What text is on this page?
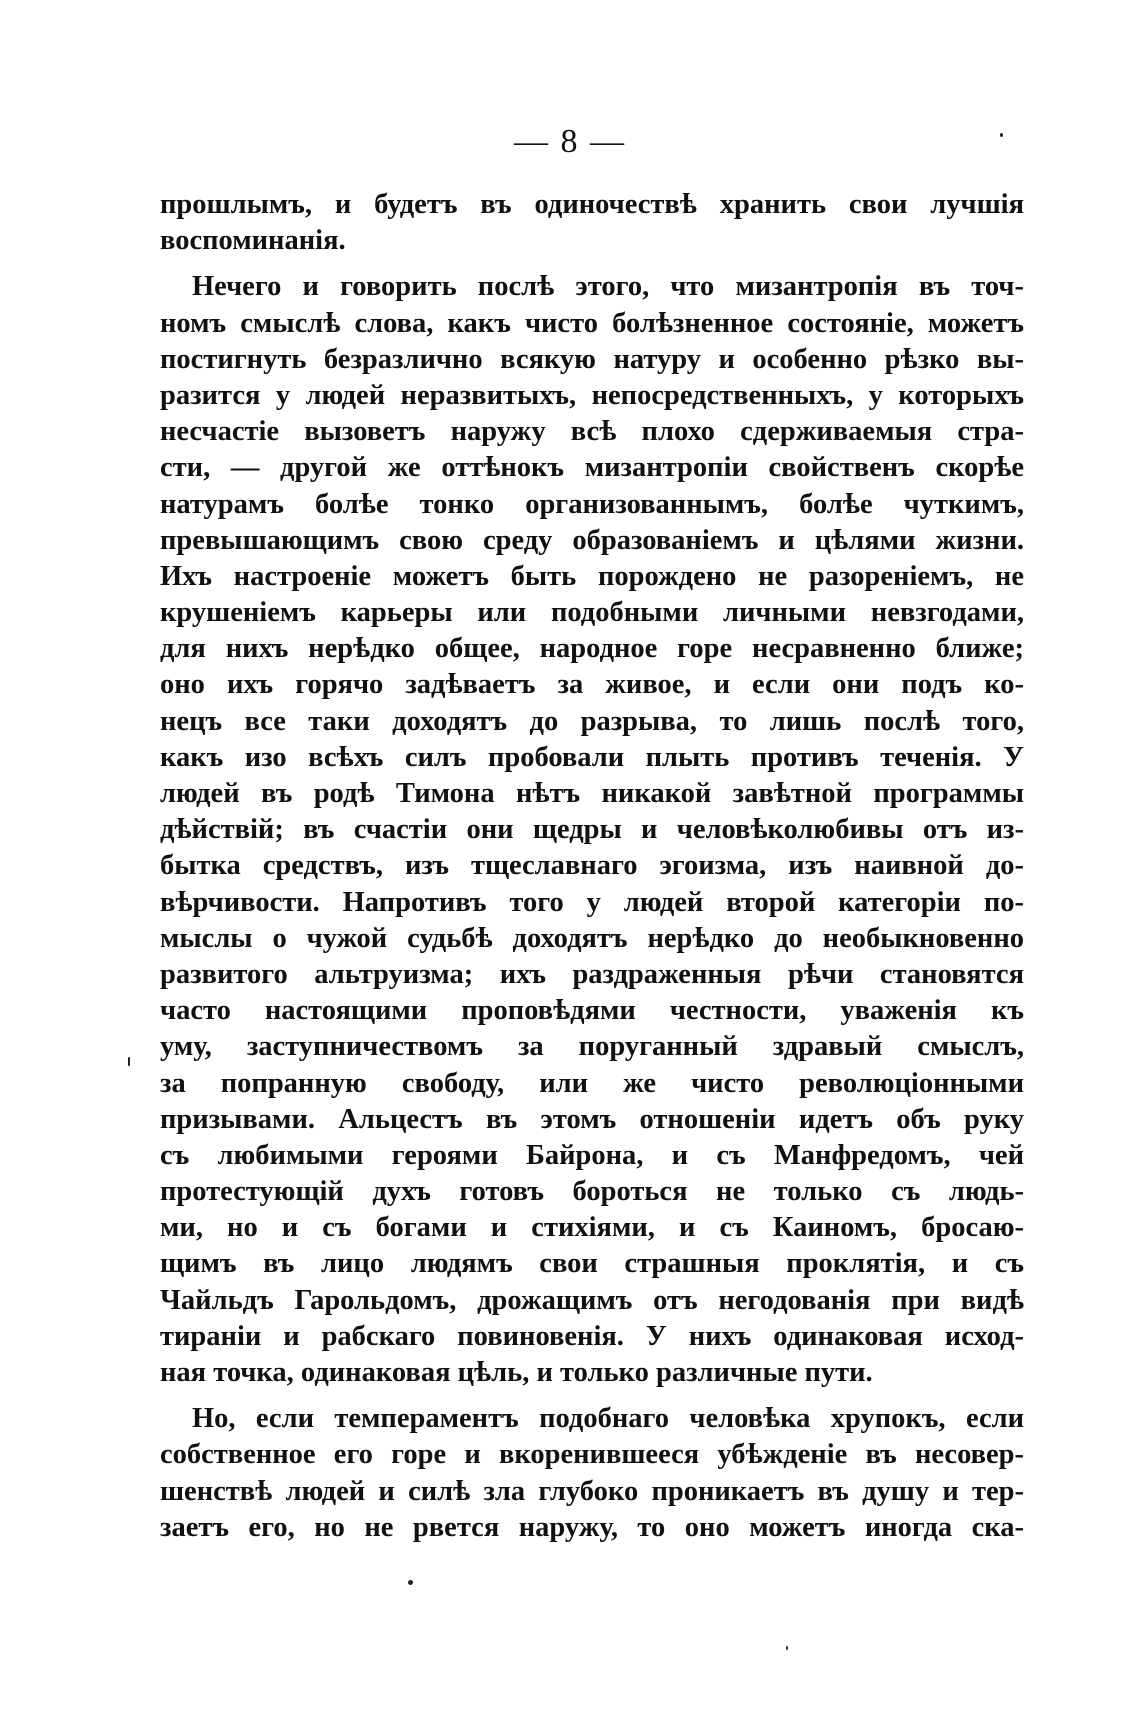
— 8 —
прошлымъ, и будетъ въ одиночествѣ хранить свои лучшія
воспоминанія.
Нечего и говорить послѣ этого, что мизантропія въ точ-
номъ смыслѣ слова, какъ чисто болѣзненное состояніе, можетъ
постигнуть безразлично всякую натуру и особенно рѣзко вы-
разится у людей неразвитыхъ, непосредственныхъ, у которыхъ
несчастіе вызоветъ наружу всѣ плохо сдерживаемыя стра-
сти, — другой же оттѣнокъ мизантропіи свойственъ скорѣе
натурамъ болѣе тонко организованнымъ, болѣе чуткимъ,
превышающимъ свою среду образованіемъ и цѣлями жизни.
Ихъ настроеніе можетъ быть порождено не разореніемъ, не
крушеніемъ карьеры или подобными личными невзгодами,
для нихъ нерѣдко общее, народное горе несравненно ближе;
оно ихъ горячо задѣваетъ за живое, и если они подъ ко-
нецъ все таки доходятъ до разрыва, то лишь послѣ того,
какъ изо всѣхъ силъ пробовали плыть противъ теченія. У
людей въ родѣ Тимона нѣтъ никакой завѣтной программы
дѣйствій; въ счастіи они щедры и человѣколюбивы отъ из-
бытка средствъ, изъ тщеславнаго эгоизма, изъ наивной до-
вѣрчивости. Напротивъ того у людей второй категоріи по-
мыслы о чужой судьбѣ доходятъ нерѣдко до необыкновенно
развитого альтруизма; ихъ раздраженныя рѣчи становятся
часто настоящими проповѣдями честности, уваженія къ
уму, заступничествомъ за поруганный здравый смыслъ,
за попранную свободу, или же чисто революціонными
призывами. Альцестъ въ этомъ отношеніи идетъ объ руку
съ любимыми героями Байрона, и съ Манфредомъ, чей
протестующій духъ готовъ бороться не только съ людь-
ми, но и съ богами и стихіями, и съ Каиномъ, бросаю-
щимъ въ лицо людямъ свои страшныя проклятія, и съ
Чайльдъ Гарольдомъ, дрожащимъ отъ негодованія при видѣ
тираніи и рабскаго повиновенія. У нихъ одинаковая исход-
ная точка, одинаковая цѣль, и только различные пути.
Но, если темпераментъ подобнаго человѣка хрупокъ, если
собственное его горе и вкоренившееся убѣжденіе въ несовер-
шенствѣ людей и силѣ зла глубоко проникаетъ въ душу и тер-
заетъ его, но не рвется наружу, то оно можетъ иногда ска-
